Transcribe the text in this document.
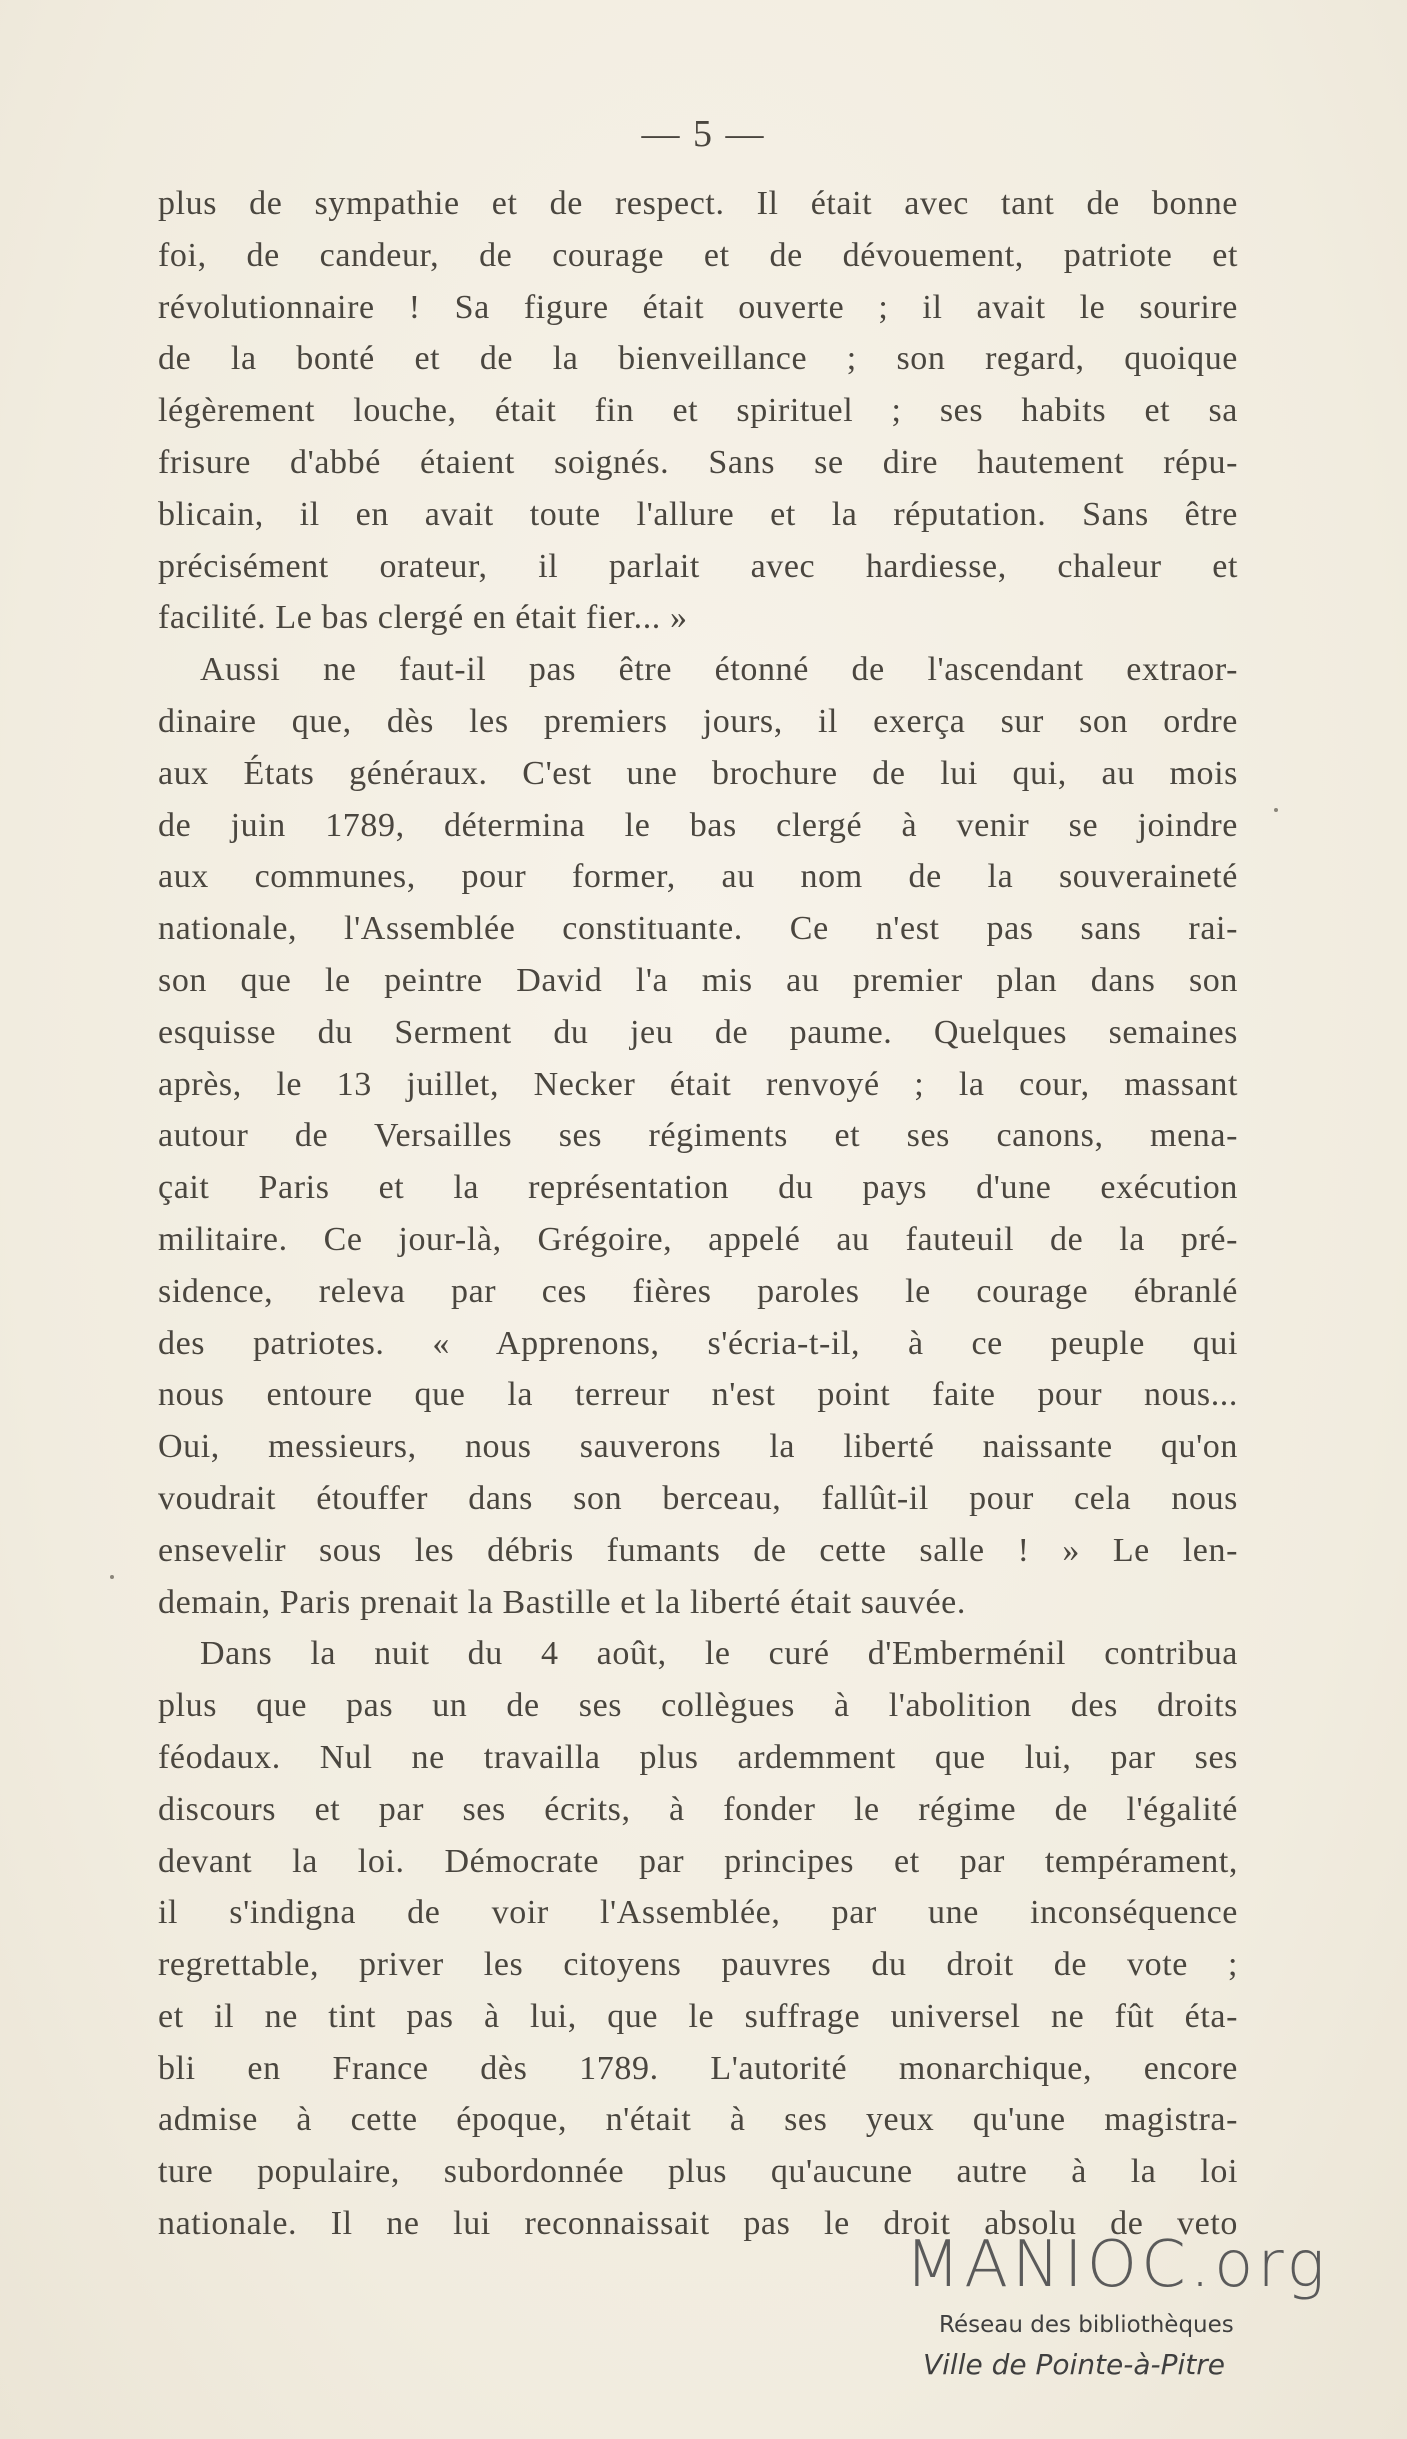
— 5 —
plus de sympathie et de respect. Il était avec tant de bonne
foi, de candeur, de courage et de dévouement, patriote et
révolutionnaire ! Sa figure était ouverte ; il avait le sourire
de la bonté et de la bienveillance ; son regard, quoique
légèrement louche, était fin et spirituel ; ses habits et sa
frisure d'abbé étaient soignés. Sans se dire hautement répu-
blicain, il en avait toute l'allure et la réputation. Sans être
précisément orateur, il parlait avec hardiesse, chaleur et
facilité. Le bas clergé en était fier... »
Aussi ne faut-il pas être étonné de l'ascendant extraor-
dinaire que, dès les premiers jours, il exerça sur son ordre
aux États généraux. C'est une brochure de lui qui, au mois
de juin 1789, détermina le bas clergé à venir se joindre
aux communes, pour former, au nom de la souveraineté
nationale, l'Assemblée constituante. Ce n'est pas sans rai-
son que le peintre David l'a mis au premier plan dans son
esquisse du Serment du jeu de paume. Quelques semaines
après, le 13 juillet, Necker était renvoyé ; la cour, massant
autour de Versailles ses régiments et ses canons, mena-
çait Paris et la représentation du pays d'une exécution
militaire. Ce jour-là, Grégoire, appelé au fauteuil de la pré-
sidence, releva par ces fières paroles le courage ébranlé
des patriotes. « Apprenons, s'écria-t-il, à ce peuple qui
nous entoure que la terreur n'est point faite pour nous...
Oui, messieurs, nous sauverons la liberté naissante qu'on
voudrait étouffer dans son berceau, fallût-il pour cela nous
ensevelir sous les débris fumants de cette salle ! » Le len-
demain, Paris prenait la Bastille et la liberté était sauvée.
Dans la nuit du 4 août, le curé d'Emberménil contribua
plus que pas un de ses collègues à l'abolition des droits
féodaux. Nul ne travailla plus ardemment que lui, par ses
discours et par ses écrits, à fonder le régime de l'égalité
devant la loi. Démocrate par principes et par tempérament,
il s'indigna de voir l'Assemblée, par une inconséquence
regrettable, priver les citoyens pauvres du droit de vote ;
et il ne tint pas à lui, que le suffrage universel ne fût éta-
bli en France dès 1789. L'autorité monarchique, encore
admise à cette époque, n'était à ses yeux qu'une magistra-
ture populaire, subordonnée plus qu'aucune autre à la loi
nationale. Il ne lui reconnaissait pas le droit absolu de veto
MANIOC.org
Réseau des bibliothèques
Ville de Pointe-à-Pitre
